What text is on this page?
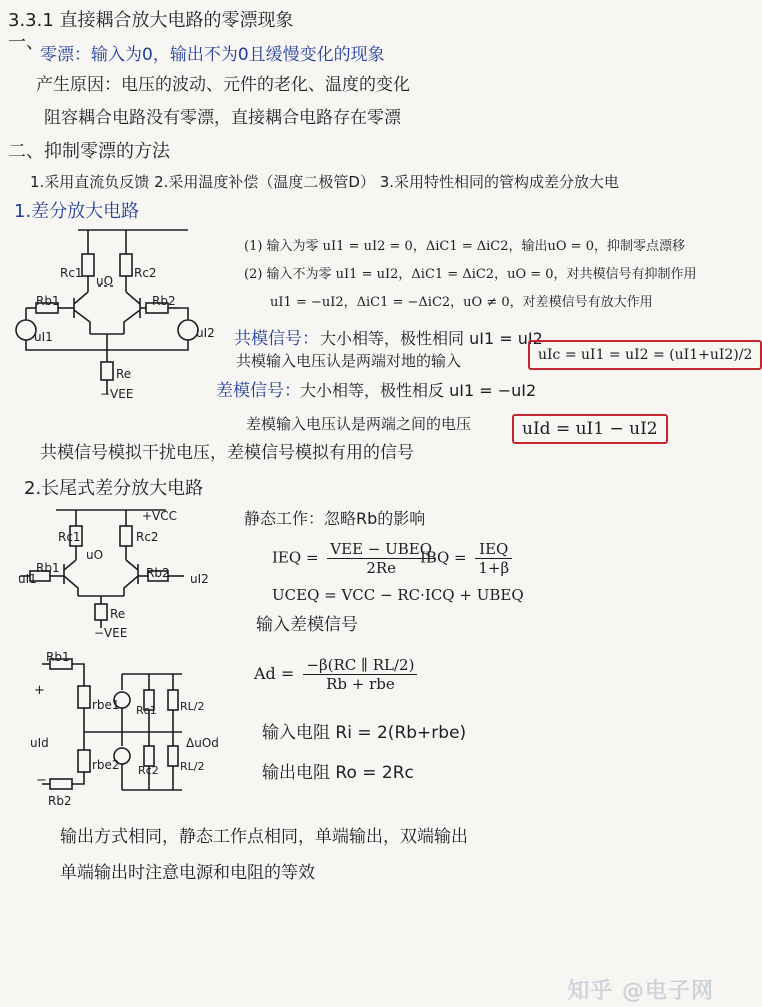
3.3.1 直接耦合放大电路的零漂现象
一、
零漂：输入为0，输出不为0且缓慢变化的现象
产生原因：电压的波动、元件的老化、温度的变化
阻容耦合电路没有零漂，直接耦合电路存在零漂
二、抑制零漂的方法
1.采用直流负反馈 2.采用温度补偿（温度二极管D） 3.采用特性相同的管构成差分放大电
1.差分放大电路
Rc1	Rc2
Rb1	Rb2
uO
Re
−VEE
uI1	uI2
(1) 输入为零 uI1 = uI2 = 0，ΔiC1 = ΔiC2，输出uO = 0，抑制零点漂移
(2) 输入不为零 uI1 = uI2，ΔiC1 = ΔiC2，uO = 0，对共模信号有抑制作用
uI1 = −uI2，ΔiC1 = −ΔiC2，uO ≠ 0，对差模信号有放大作用
共模信号： 大小相等，极性相同 uI1 = uI2
共模输入电压认是两端对地的输入	uIc = uI1 = uI2 = (uI1+uI2)/2
差模信号： 大小相等，极性相反 uI1 = −uI2
差模输入电压认是两端之间的电压	uId = uI1 − uI2
共模信号模拟干扰电压，差模信号模拟有用的信号
2.长尾式差分放大电路
+VCC
Rc1	Rc2
Rb1	Rb2
uO
Re
−VEE
uI1	uI2
静态工作：忽略Rb的影响
IEQ = $\frac{\text{VEE − UBEQ}}{2Re}$
IBQ = $\frac{\text{IEQ}}{1+\beta}$
UCEQ = VCC − RC·ICQ + UBEQ
输入差模信号
Rb1
Rb2
rbe1
rbe2
Rc1
Rc2
RL/2
RL/2
uId	ΔuOd
+
−
$Ad = \frac{-\beta(RC \parallel RL/2)}{\text{Rb + rbe}}$
输入电阻 Ri = 2(Rb+rbe)
输出电阻 Ro = 2Rc
输出方式相同，静态工作点相同，单端输出，双端输出
单端输出时注意电源和电阻的等效
知乎 @电子网
